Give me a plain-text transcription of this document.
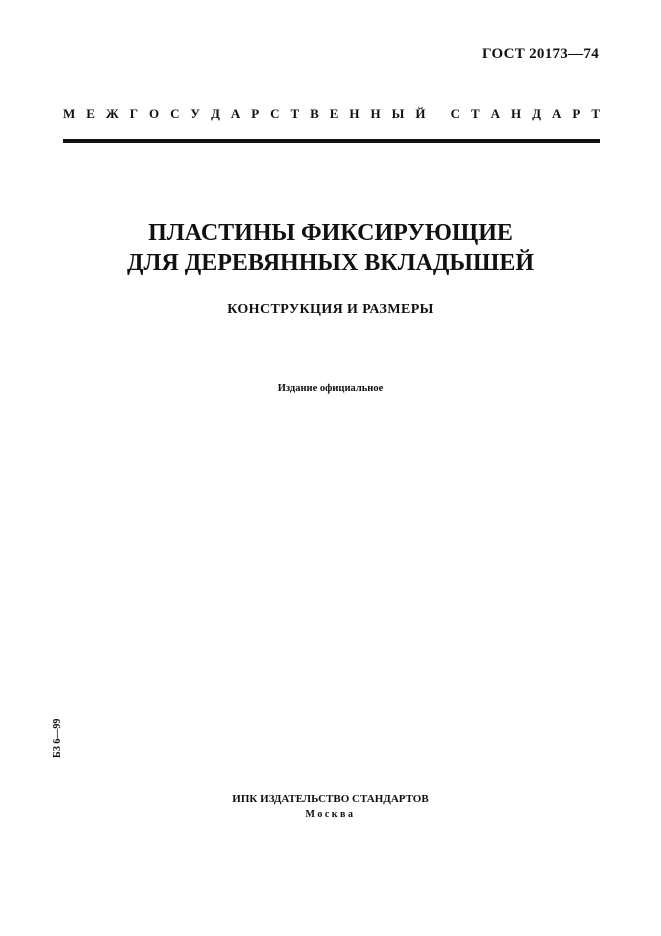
ГОСТ 20173—74
М Е Ж Г О С У Д А Р С Т В Е Н Н Ы Й
С Т А Н Д А Р Т
ПЛАСТИНЫ ФИКСИРУЮЩИЕ
ДЛЯ ДЕРЕВЯННЫХ ВКЛАДЫШЕЙ
КОНСТРУКЦИЯ И РАЗМЕРЫ
Издание официальное
БЗ 6—99
ИПК ИЗДАТЕЛЬСТВО СТАНДАРТОВ
Москва
